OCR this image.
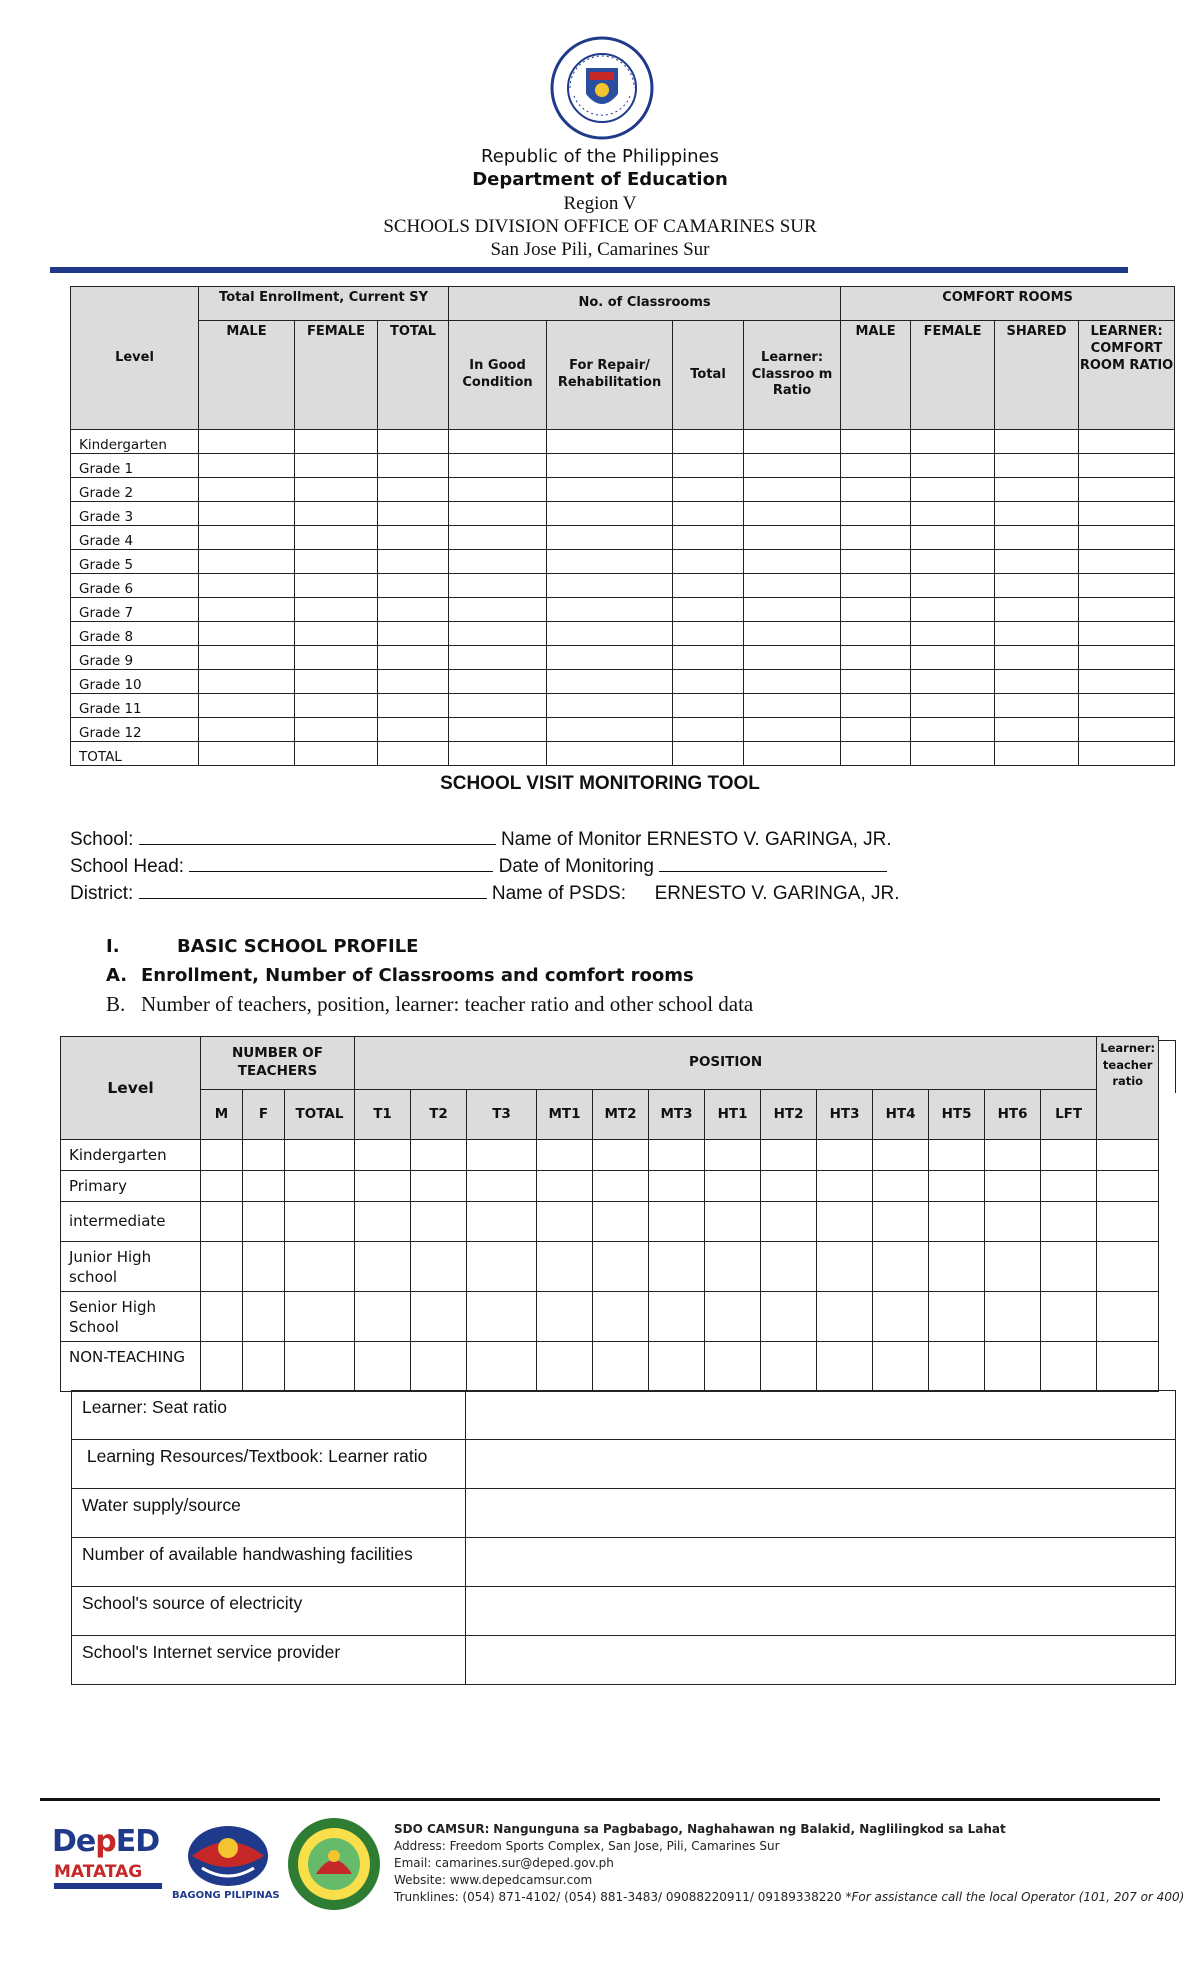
Republic of the Philippines
Department of Education
Region V
SCHOOLS DIVISION OFFICE OF CAMARINES SUR
San Jose Pili, Camarines Sur
Level	Total Enrollment, Current SY			No. of Classrooms				COMFORT ROOMS			
	MALE	FEMALE	TOTAL	In Good Condition	For Repair/ Rehabilitation	Total	Learner: Classroo m Ratio	MALE	FEMALE	SHARED	LEARNER: COMFORT ROOM RATIO
Kindergarten											
Grade 1											
Grade 2											
Grade 3											
Grade 4											
Grade 5											
Grade 6											
Grade 7											
Grade 8											
Grade 9											
Grade 10											
Grade 11											
Grade 12											
TOTAL											
SCHOOL VISIT MONITORING TOOL
School:	Name of Monitor ERNESTO V. GARINGA, JR.
School Head:	Date of Monitoring
District:	Name of PSDS: ERNESTO V. GARINGA, JR.
I.	BASIC SCHOOL PROFILE
A. Enrollment, Number of Classrooms and comfort rooms
B. Number of teachers, position, learner: teacher ratio and other school data
Level	NUMBER OF TEACHERS			POSITION													Learner: teacher ratio
	M	F	TOTAL	T1	T2	T3	MT1	MT2	MT3	HT1	HT2	HT3	HT4	HT5	HT6	LFT	
Kindergarten																	
Primary																	
intermediate																	
Junior High school																	
Senior High School																	
NON-TEACHING																	
Learner: Seat ratio	
Learning Resources/Textbook: Learner ratio	
Water supply/source	
Number of available handwashing facilities	
School's source of electricity	
School's Internet service provider	
DepED
MATATAG
BAGONG PILIPINAS
SDO CAMSUR: Nangunguna sa Pagbabago, Naghahawan ng Balakid, Naglilingkod sa Lahat
Address: Freedom Sports Complex, San Jose, Pili, Camarines Sur
Email: camarines.sur@deped.gov.ph
Website: www.depedcamsur.com
Trunklines: (054) 871-4102/ (054) 881-3483/ 09088220911/ 09189338220 *For assistance call the local Operator (101, 207 or 400)
